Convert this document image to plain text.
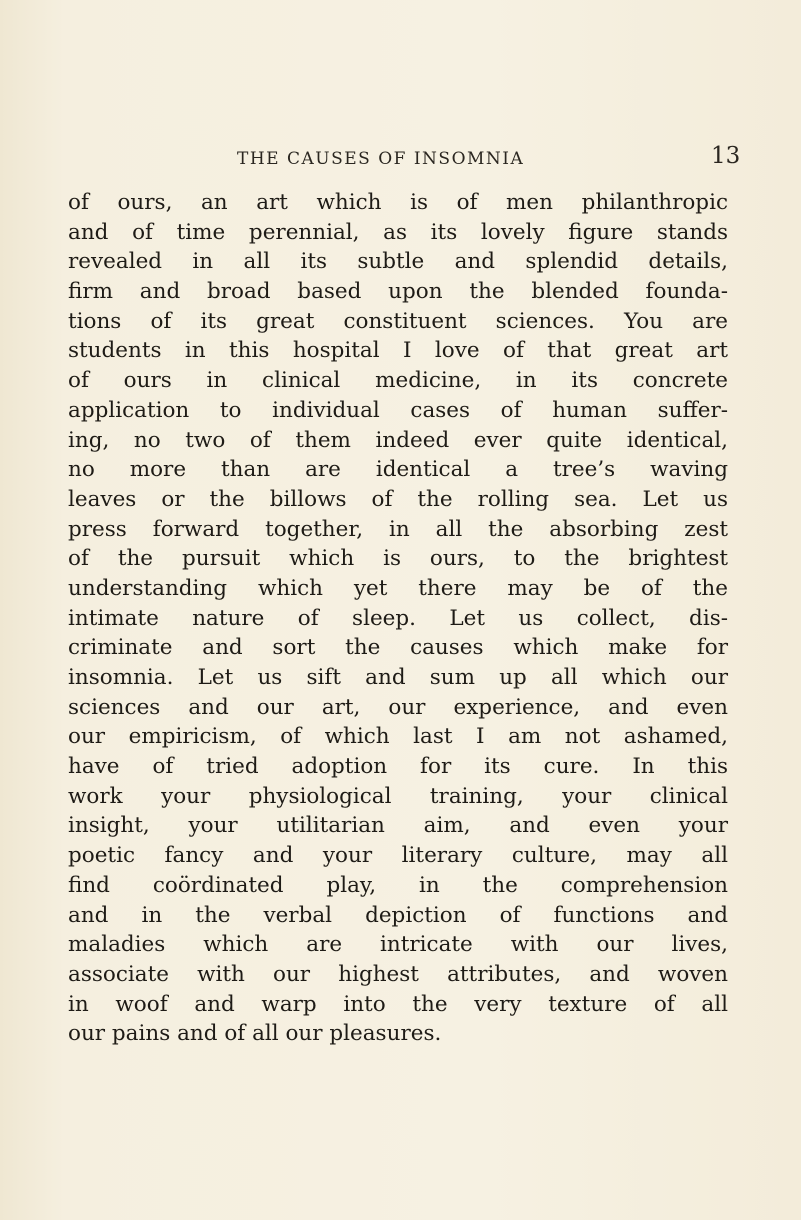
THE CAUSES OF INSOMNIA	13
of ours, an art which is of men philanthropic
and of time perennial, as its lovely figure stands
revealed in all its subtle and splendid details,
firm and broad based upon the blended founda-
tions of its great constituent sciences. You are
students in this hospital I love of that great art
of ours in clinical medicine, in its concrete
application to individual cases of human suffer-
ing, no two of them indeed ever quite identical,
no more than are identical a tree’s waving
leaves or the billows of the rolling sea. Let us
press forward together, in all the absorbing zest
of the pursuit which is ours, to the brightest
understanding which yet there may be of the
intimate nature of sleep. Let us collect, dis-
criminate and sort the causes which make for
insomnia. Let us sift and sum up all which our
sciences and our art, our experience, and even
our empiricism, of which last I am not ashamed,
have of tried adoption for its cure. In this
work your physiological training, your clinical
insight, your utilitarian aim, and even your
poetic fancy and your literary culture, may all
find coördinated play, in the comprehension
and in the verbal depiction of functions and
maladies which are intricate with our lives,
associate with our highest attributes, and woven
in woof and warp into the very texture of all
our pains and of all our pleasures.
